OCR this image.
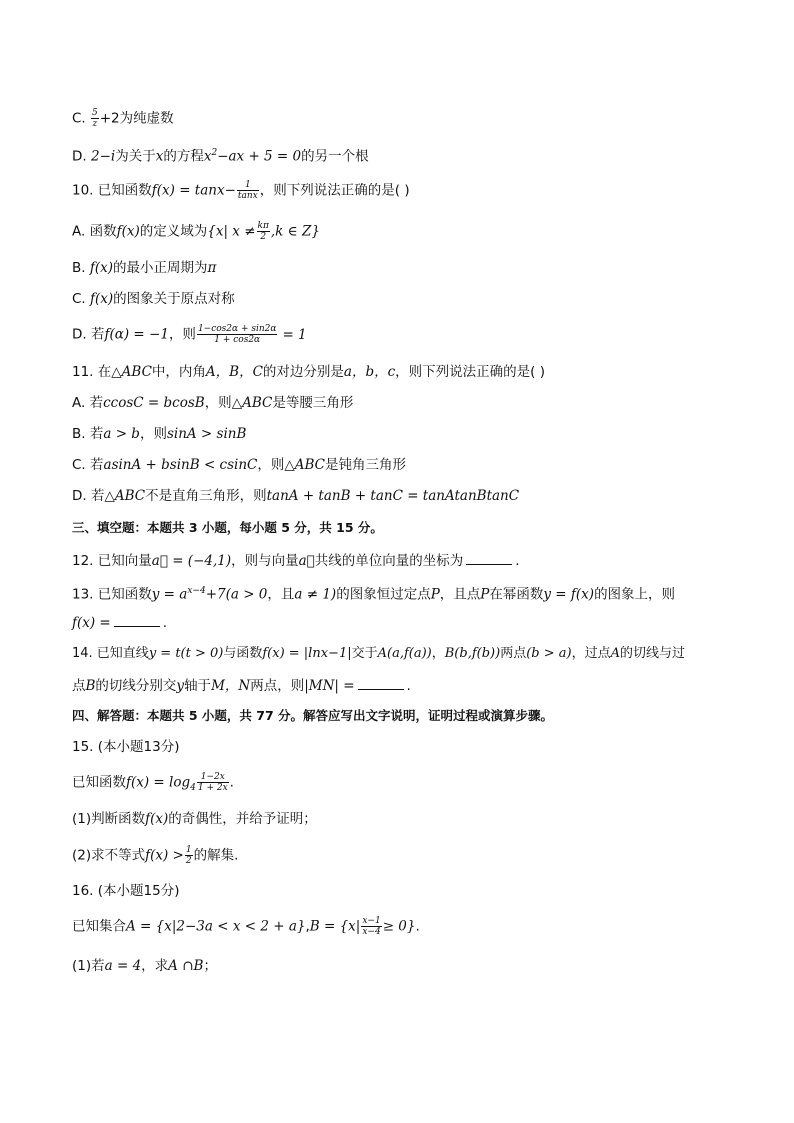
C. $\frac{5}{z} +2$为纯虚数
D. 2−i为关于x的方程$x^2-ax + 5 = 0$的另一个根
10. 已知函数$f(x) = \tan x- \frac{1}{\tan x}$ ，则下列说法正确的是( )
A. 函数f(x)的定义域为{x| $x \ne \frac{k\pi}{2} ,k$ ∈ Z}
B. f(x)的最小正周期为π
C. f(x)的图象关于原点对称
D. 若f(α) = −1，则 $\frac{1-\cos 2\alpha + \sin 2\alpha}{1 + \cos 2\alpha} = 1$
11. 在△ABC中，内角A，B，C的对边分别是a，b，c，则下列说法正确的是( )
A. 若ccosC = bcosB，则△ABC是等腰三角形
B. 若a > b，则sinA > sinB
C. 若asinA + bsinB < csinC，则△ABC是钝角三角形
D. 若△ABC不是直角三角形，则tanA + tanB + tanC = tanAtanBtanC
三、填空题：本题共 3 小题，每小题 5 分，共 15 分。
12. 已知向量a⃗ = (−4,1)，则与向量a⃗共线的单位向量的坐标为	.
13. 已知函数$y = a^{x-4}+7(a > 0$，且a ≠ 1)的图象恒过定点P，且点P在幂函数y = f(x)的图象上，则
f(x) =	.
14. 已知直线y = t(t > 0)与函数f(x) = |lnx−1|交于A(a,f(a))，B(b,f(b))两点(b > a)，过点A的切线与过
点B的切线分别交y轴于M，N两点，则|MN| =	.
四、解答题：本题共 5 小题，共 77 分。解答应写出文字说明，证明过程或演算步骤。
15. (本小题13分)
已知函数$f(x) = \log_4 \frac{1-2x}{1 + 2x}$ .
(1)判断函数f(x)的奇偶性，并给予证明；
(2)求不等式$f(x) > \frac{1}{2}$ 的解集.
16. (本小题15分)
已知集合$A = \{x|2-3a < x < 2 + a\},B = \{x| \frac{x-1}{x-4} \ge 0\}$.
(1)若a = 4，求A ∩B；
